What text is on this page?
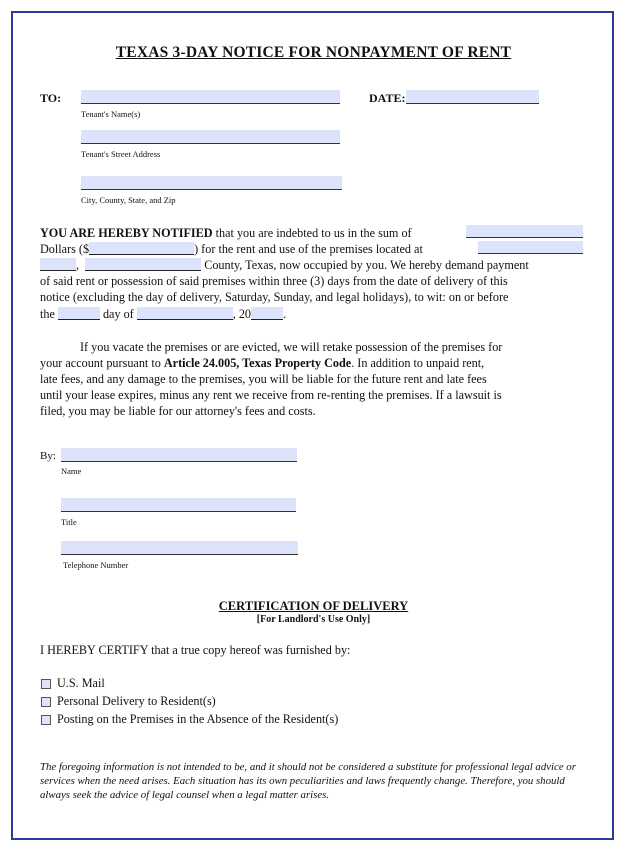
TEXAS 3-DAY NOTICE FOR NONPAYMENT OF RENT
TO:
Tenant's Name(s)
DATE:
Tenant's Street Address
City, County, State, and Zip
YOU ARE HEREBY NOTIFIED that you are indebted to us in the sum of
Dollars ($	) for the rent and use of the premises located at
,	County, Texas, now occupied by you. We hereby demand payment
of said rent or possession of said premises within three (3) days from the date of delivery of this
notice (excluding the day of delivery, Saturday, Sunday, and legal holidays), to wit: on or before
the	day of	, 20	.
If you vacate the premises or are evicted, we will retake possession of the premises for
your account pursuant to Article 24.005, Texas Property Code. In addition to unpaid rent,
late fees, and any damage to the premises, you will be liable for the future rent and late fees
until your lease expires, minus any rent we receive from re-renting the premises. If a lawsuit is
filed, you may be liable for our attorney's fees and costs.
By:
Name
Title
Telephone Number
CERTIFICATION OF DELIVERY
[For Landlord's Use Only]
I HEREBY CERTIFY that a true copy hereof was furnished by:
U.S. Mail
Personal Delivery to Resident(s)
Posting on the Premises in the Absence of the Resident(s)
The foregoing information is not intended to be, and it should not be considered a substitute for professional legal advice or services when the need arises. Each situation has its own peculiarities and laws frequently change. Therefore, you should always seek the advice of legal counsel when a legal matter arises.
